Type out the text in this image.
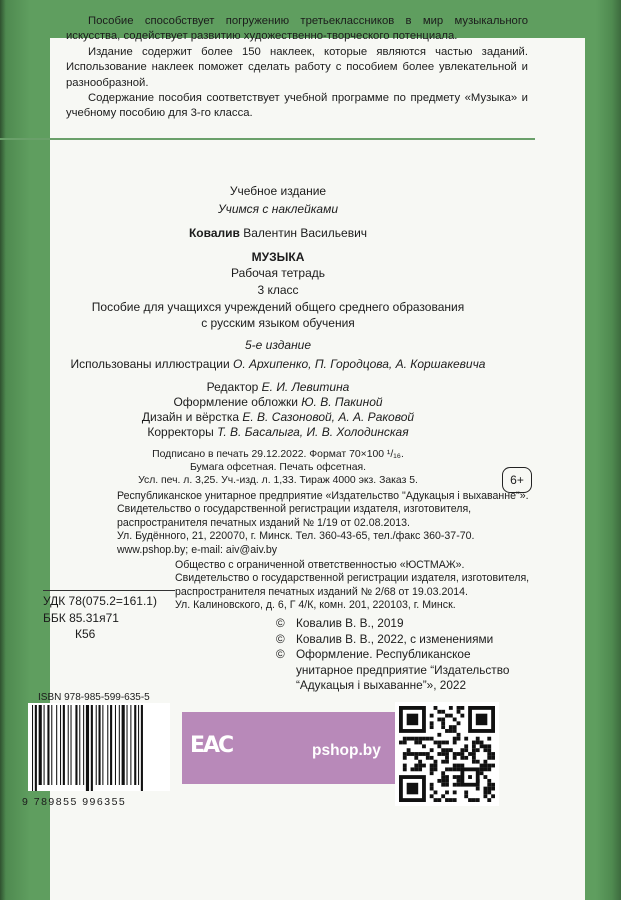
Пособие способствует погружению третьеклассников в мир музыкального искусства, содействует развитию художественно-творческого потенциала.

Издание содержит более 150 наклеек, которые являются частью заданий. Использование наклеек поможет сделать работу с пособием более увлекательной и разнообразной.

Содержание пособия соответствует учебной программе по предмету «Музыка» и учебному пособию для 3-го класса.

Учебное издание
Учимся с наклейками
Ковалив Валентин Васильевич
МУЗЫКА
Рабочая тетрадь
3 класс
Пособие для учащихся учреждений общего среднего образования
с русским языком обучения
5-е издание
Использованы иллюстрации О. Архипенко, П. Городцова, А. Коршакевича
Редактор Е. И. Левитина
Оформление обложки Ю. В. Пакиной
Дизайн и вёрстка Е. В. Сазоновой, А. А. Раковой
Корректоры Т. В. Басалыга, И. В. Холодинская
Подписано в печать 29.12.2022. Формат 70×100 ¹/₁₆.
Бумага офсетная. Печать офсетная.
Усл. печ. л. 3,25. Уч.-изд. л. 1,33. Тираж 4000 экз. Заказ 5.
Республиканское унитарное предприятие «Издательство "Адукацыя і выхаванне"».
Свидетельство о государственной регистрации издателя, изготовителя,
распространителя печатных изданий № 1/19 от 02.08.2013.
Ул. Будённого, 21, 220070, г. Минск. Тел. 360-43-65, тел./факс 360-37-70.
www.pshop.by; e-mail: aiv@aiv.by
6+
Общество с ограниченной ответственностью «ЮСТМАЖ».
Свидетельство о государственной регистрации издателя, изготовителя,
распространителя печатных изданий № 2/68 от 19.03.2014.
Ул. Калиновского, д. 6, Г 4/К, комн. 201, 220103, г. Минск.
УДК 78(075.2=161.1)
ББК 85.31я71
К56
© Ковалив В. В., 2019
© Ковалив В. В., 2022, с изменениями
© Оформление. Республиканское
унитарное предприятие “Издательство
“Адукацыя і выхаванне”», 2022
ЕАС	pshop.by
ISBN 978-985-599-635-5
9 789855 996355
